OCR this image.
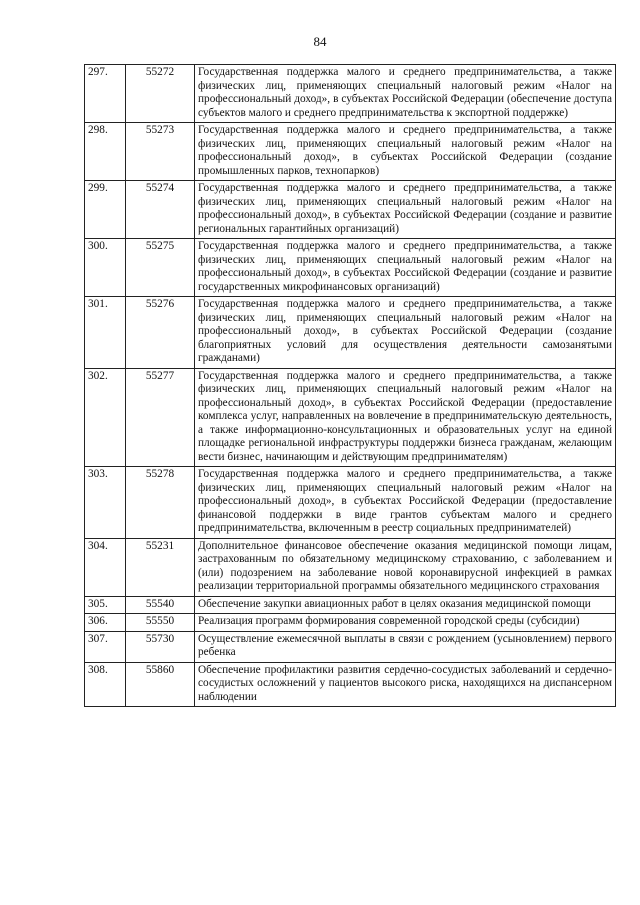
84
297.	55272	Государственная поддержка малого и среднего предпринимательства, а также физических лиц, применяющих специальный налоговый режим «Налог на профессиональный доход», в субъектах Российской Федерации (обеспечение доступа субъектов малого и среднего предпринимательства к экспортной поддержке)
298.	55273	Государственная поддержка малого и среднего предпринимательства, а также физических лиц, применяющих специальный налоговый режим «Налог на профессиональный доход», в субъектах Российской Федерации (создание промышленных парков, технопарков)
299.	55274	Государственная поддержка малого и среднего предпринимательства, а также физических лиц, применяющих специальный налоговый режим «Налог на профессиональный доход», в субъектах Российской Федерации (создание и развитие региональных гарантийных организаций)
300.	55275	Государственная поддержка малого и среднего предпринимательства, а также физических лиц, применяющих специальный налоговый режим «Налог на профессиональный доход», в субъектах Российской Федерации (создание и развитие государственных микрофинансовых организаций)
301.	55276	Государственная поддержка малого и среднего предпринимательства, а также физических лиц, применяющих специальный налоговый режим «Налог на профессиональный доход», в субъектах Российской Федерации (создание благоприятных условий для осуществления деятельности самозанятыми гражданами)
302.	55277	Государственная поддержка малого и среднего предпринимательства, а также физических лиц, применяющих специальный налоговый режим «Налог на профессиональный доход», в субъектах Российской Федерации (предоставление комплекса услуг, направленных на вовлечение в предпринимательскую деятельность, а также информационно-консультационных и образовательных услуг на единой площадке региональной инфраструктуры поддержки бизнеса гражданам, желающим вести бизнес, начинающим и действующим предпринимателям)
303.	55278	Государственная поддержка малого и среднего предпринимательства, а также физических лиц, применяющих специальный налоговый режим «Налог на профессиональный доход», в субъектах Российской Федерации (предоставление финансовой поддержки в виде грантов субъектам малого и среднего предпринимательства, включенным в реестр социальных предпринимателей)
304.	55231	Дополнительное финансовое обеспечение оказания медицинской помощи лицам, застрахованным по обязательному медицинскому страхованию, с заболеванием и (или) подозрением на заболевание новой коронавирусной инфекцией в рамках реализации территориальной программы обязательного медицинского страхования
305.	55540	Обеспечение закупки авиационных работ в целях оказания медицинской помощи
306.	55550	Реализация программ формирования современной городской среды (субсидии)
307.	55730	Осуществление ежемесячной выплаты в связи с рождением (усыновлением) первого ребенка
308.	55860	Обеспечение профилактики развития сердечно-сосудистых заболеваний и сердечно-сосудистых осложнений у пациентов высокого риска, находящихся на диспансерном наблюдении
